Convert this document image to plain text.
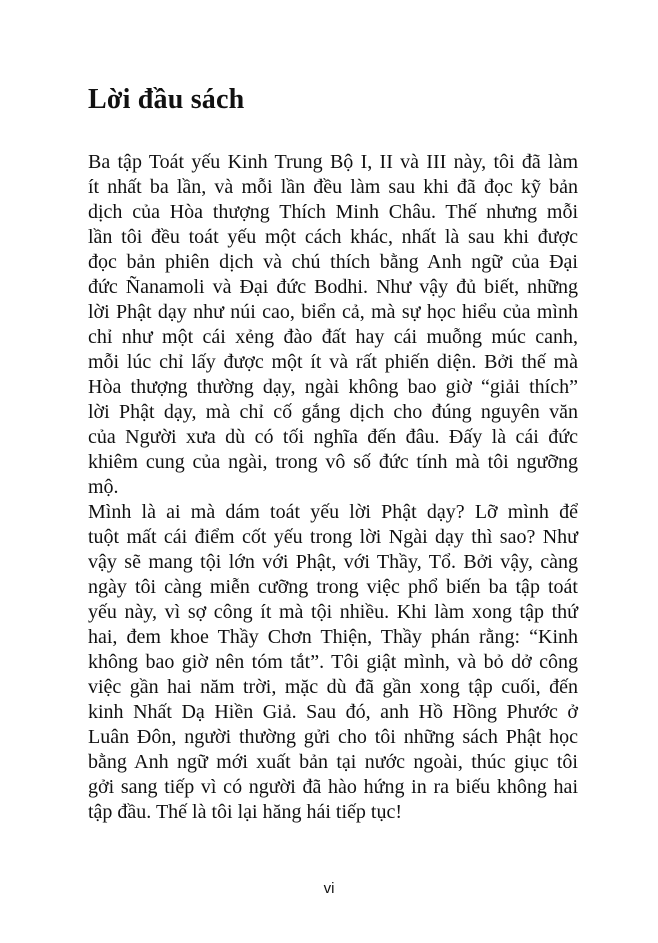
Lời đầu sách

Ba tập Toát yếu Kinh Trung Bộ I, II và III này, tôi đã làm
ít nhất ba lần, và mỗi lần đều làm sau khi đã đọc kỹ bản
dịch của Hòa thượng Thích Minh Châu. Thế nhưng mỗi
lần tôi đều toát yếu một cách khác, nhất là sau khi được
đọc bản phiên dịch và chú thích bằng Anh ngữ của Đại
đức Ñanamoli và Đại đức Bodhi. Như vậy đủ biết, những
lời Phật dạy như núi cao, biển cả, mà sự học hiểu của mình
chỉ như một cái xẻng đào đất hay cái muỗng múc canh,
mỗi lúc chỉ lấy được một ít và rất phiến diện. Bởi thế mà
Hòa thượng thường dạy, ngài không bao giờ “giải thích”
lời Phật dạy, mà chỉ cố gắng dịch cho đúng nguyên văn
của Người xưa dù có tối nghĩa đến đâu. Đấy là cái đức
khiêm cung của ngài, trong vô số đức tính mà tôi ngưỡng
mộ.

Mình là ai mà dám toát yếu lời Phật dạy? Lỡ mình để
tuột mất cái điểm cốt yếu trong lời Ngài dạy thì sao? Như
vậy sẽ mang tội lớn với Phật, với Thầy, Tổ. Bởi vậy, càng
ngày tôi càng miễn cưỡng trong việc phổ biến ba tập toát
yếu này, vì sợ công ít mà tội nhiều. Khi làm xong tập thứ
hai, đem khoe Thầy Chơn Thiện, Thầy phán rằng: “Kinh
không bao giờ nên tóm tắt”. Tôi giật mình, và bỏ dở công
việc gần hai năm trời, mặc dù đã gần xong tập cuối, đến
kinh Nhất Dạ Hiền Giả. Sau đó, anh Hồ Hồng Phước ở
Luân Đôn, người thường gửi cho tôi những sách Phật học
bằng Anh ngữ mới xuất bản tại nước ngoài, thúc giục tôi
gởi sang tiếp vì có người đã hào hứng in ra biếu không hai
tập đầu. Thế là tôi lại hăng hái tiếp tục!

vi
